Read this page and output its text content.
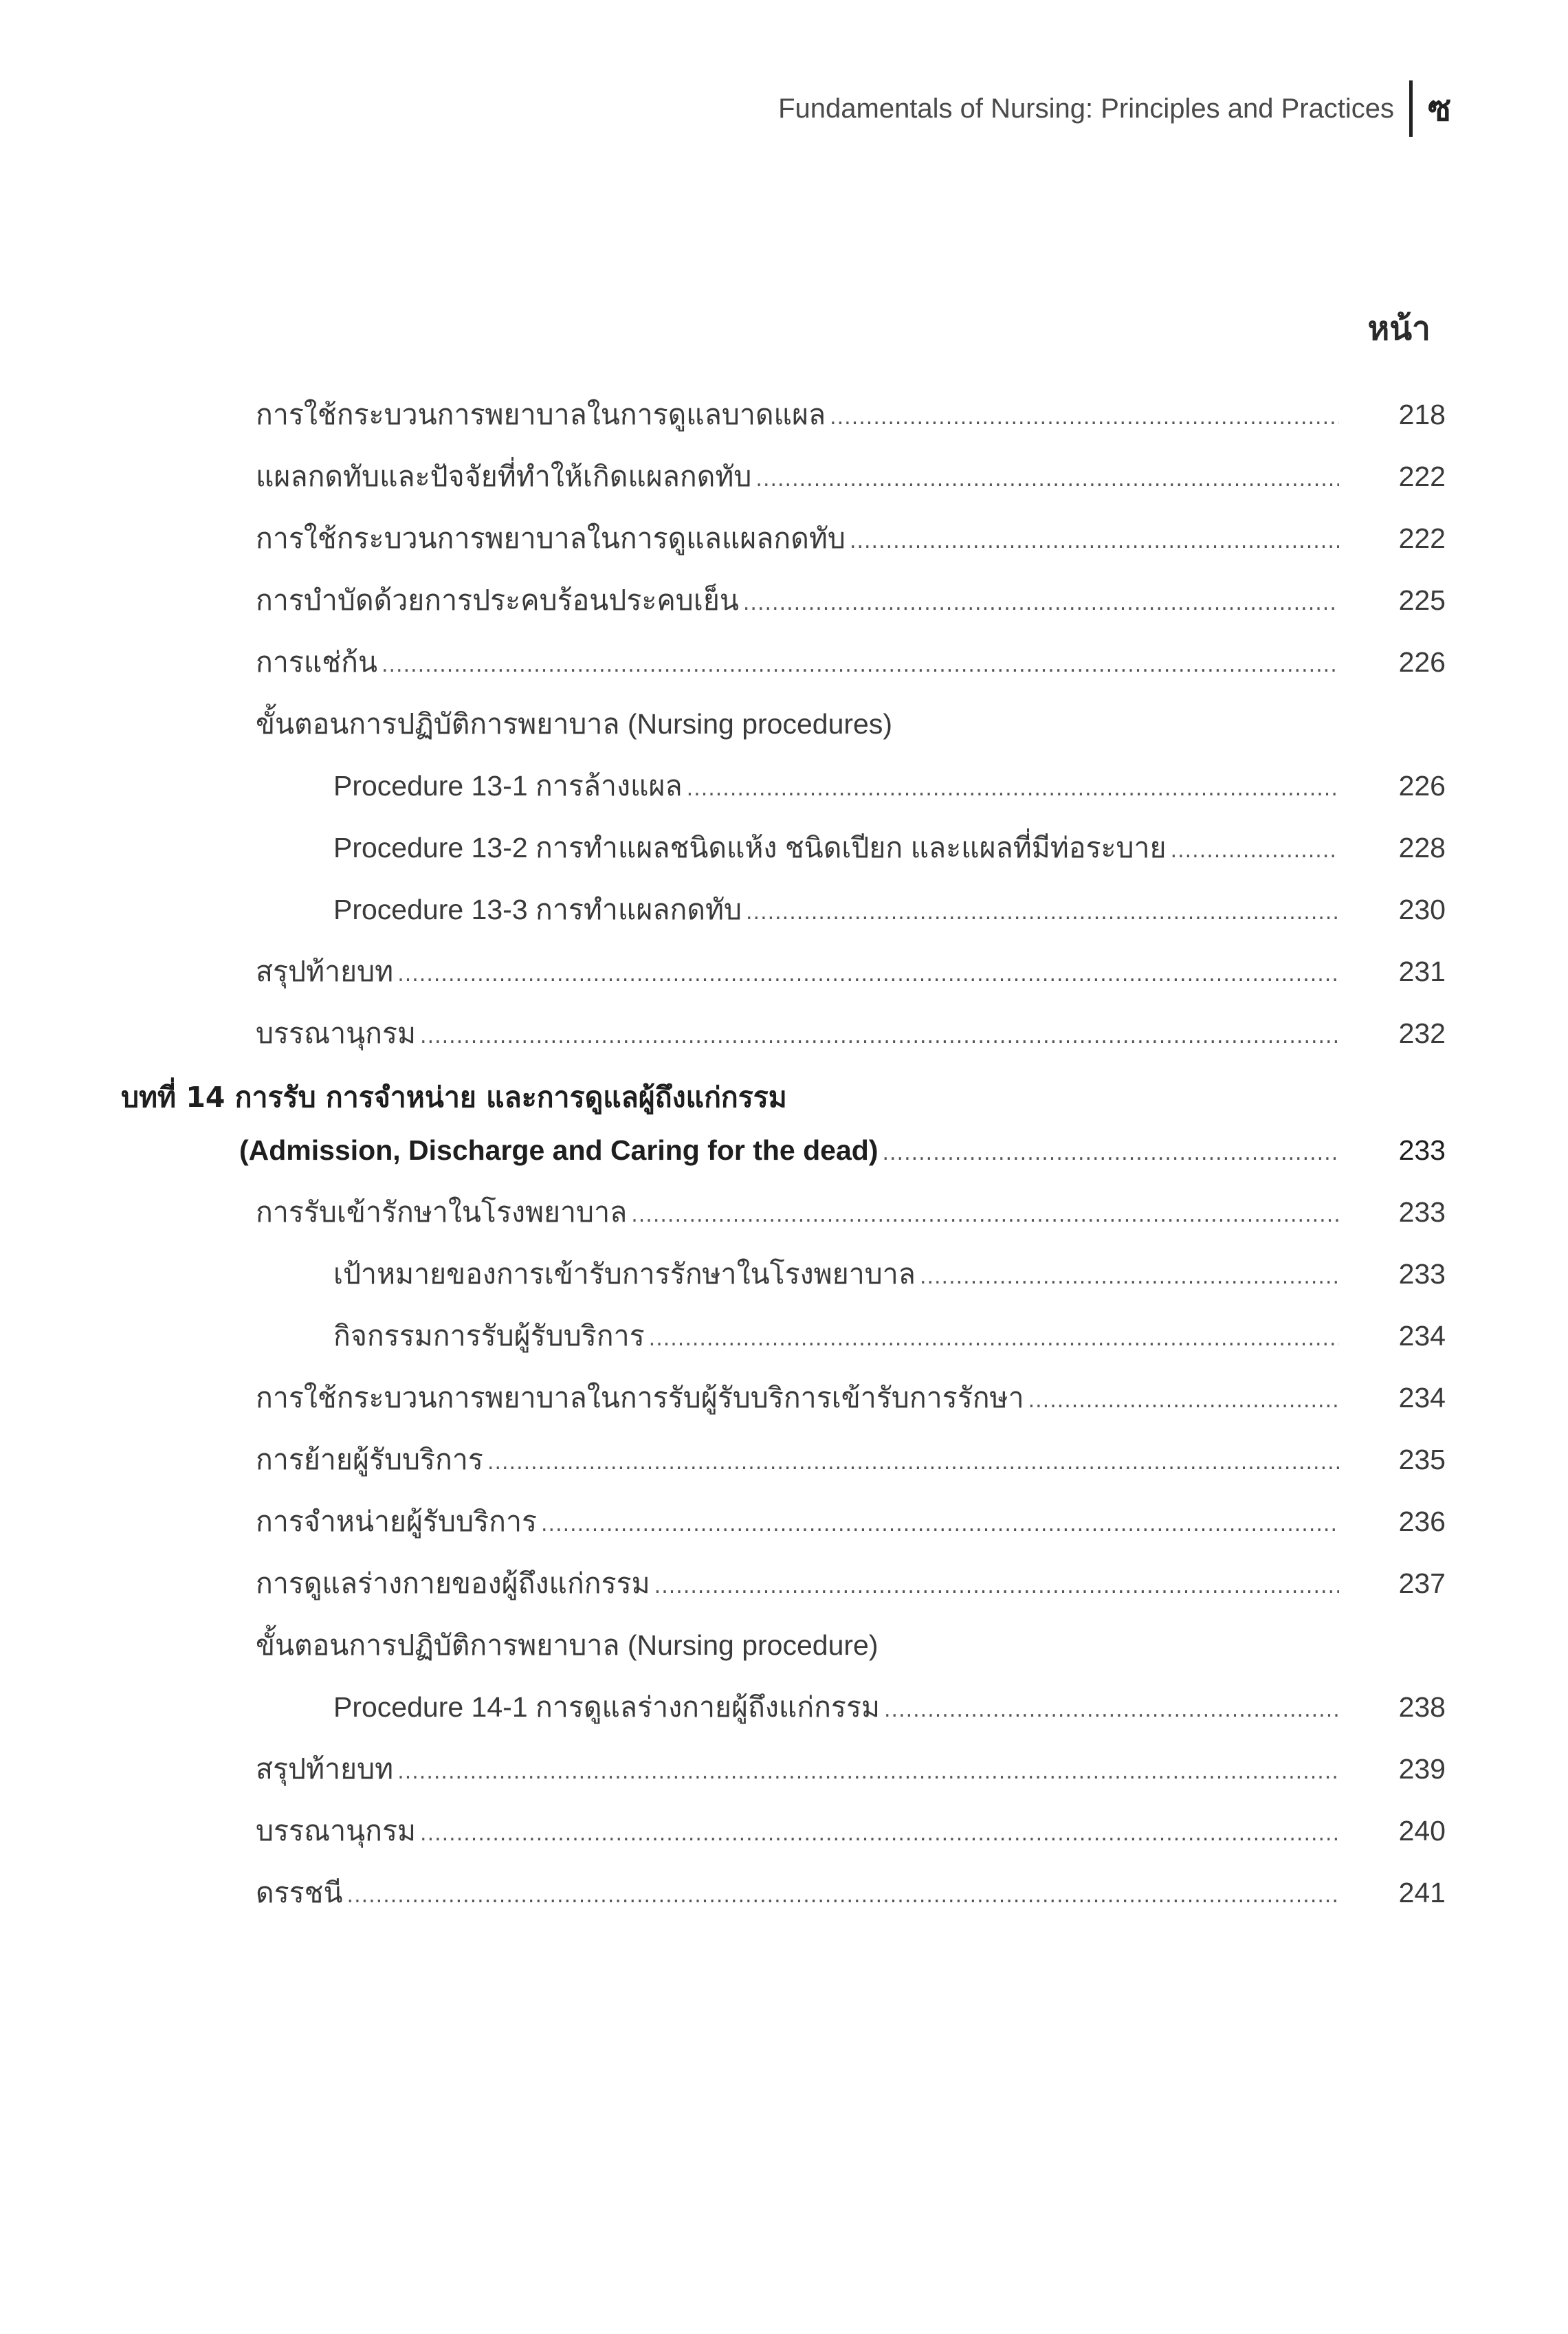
Fundamentals of Nursing: Principles and Practices ซ
หน้า
การใช้กระบวนการพยาบาลในการดูแลบาดแผล .....	218
แผลกดทับและปัจจัยที่ทำให้เกิดแผลกดทับ .....	222
การใช้กระบวนการพยาบาลในการดูแลแผลกดทับ .....	222
การบำบัดด้วยการประคบร้อนประคบเย็น .....	225
การแช่ก้น .....	226
ขั้นตอนการปฏิบัติการพยาบาล (Nursing procedures)
Procedure 13-1 การล้างแผล .....	226
Procedure 13-2 การทำแผลชนิดแห้ง ชนิดเปียก และแผลที่มีท่อระบาย .....	228
Procedure 13-3 การทำแผลกดทับ .....	230
สรุปท้ายบท .....	231
บรรณานุกรม .....	232
บทที่ 14 การรับ การจำหน่าย และการดูแลผู้ถึงแก่กรรม
(Admission, Discharge and Caring for the dead) .....	233
การรับเข้ารักษาในโรงพยาบาล .....	233
เป้าหมายของการเข้ารับการรักษาในโรงพยาบาล .....	233
กิจกรรมการรับผู้รับบริการ .....	234
การใช้กระบวนการพยาบาลในการรับผู้รับบริการเข้ารับการรักษา .....	234
การย้ายผู้รับบริการ .....	235
การจำหน่ายผู้รับบริการ .....	236
การดูแลร่างกายของผู้ถึงแก่กรรม .....	237
ขั้นตอนการปฏิบัติการพยาบาล (Nursing procedure)
Procedure 14-1 การดูแลร่างกายผู้ถึงแก่กรรม .....	238
สรุปท้ายบท .....	239
บรรณานุกรม .....	240
ดรรชนี .....	241
